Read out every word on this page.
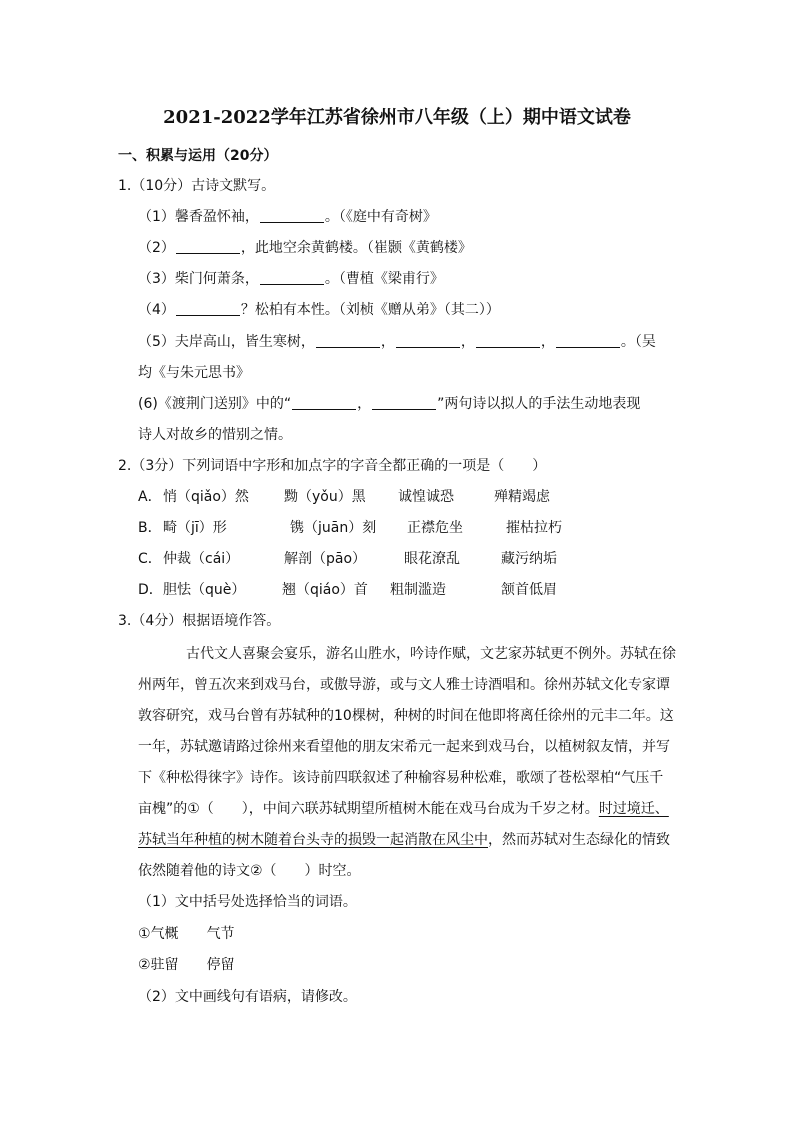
2021-2022学年江苏省徐州市八年级（上）期中语文试卷
一、积累与运用（20分）
1.（10分）古诗文默写。
（1）馨香盈怀袖，	。（《庭中有奇树》
（2）	，此地空余黄鹤楼。（崔颢《黄鹤楼》
（3）柴门何萧条，	。（曹植《梁甫行》
（4）	？松柏有本性。（刘桢《赠从弟》（其二））
（5）夫岸高山，皆生寒树，	，	，	，	。（吴
均《与朱元思书》
(6)《渡荆门送别》中的“	，	”两句诗以拟人的手法生动地表现
诗人对故乡的惜别之情。
2.（3分）下列词语中字形和加点字的字音全都正确的一项是（　　）
A． 悄（qiǎo）然	黝（yǒu）黑 诚惶诚恐	殚精竭虑
B． 畸（jī）形	镌（juān）刻 正襟危坐	摧枯拉朽
C． 仲裁（cái）	解剖（pāo）	眼花潦乱	藏污纳垢
D． 胆怯（què）	翘（qiáo）首 粗制滥造	颔首低眉
3.（4分）根据语境作答。
古代文人喜聚会宴乐，游名山胜水，吟诗作赋，文艺家苏轼更不例外。苏轼在徐
州两年，曾五次来到戏马台，或傲导游，或与文人雅士诗酒唱和。徐州苏轼文化专家谭
敦容研究，戏马台曾有苏轼种的10棵树，种树的时间在他即将离任徐州的元丰二年。这
一年，苏轼邀请路过徐州来看望他的朋友宋希元一起来到戏马台，以植树叙友情，并写
下《种松得徕字》诗作。该诗前四联叙述了种榆容易种松难，歌颂了苍松翠柏“气压千
亩槐”的①（　　），中间六联苏轼期望所植树木能在戏马台成为千岁之材。时过境迁、
苏轼当年种植的树木随着台头寺的损毁一起消散在风尘中，然而苏轼对生态绿化的情致
依然随着他的诗文②（　　）时空。
（1）文中括号处选择恰当的词语。
①气概 气节
②驻留 停留
（2）文中画线句有语病，请修改。
